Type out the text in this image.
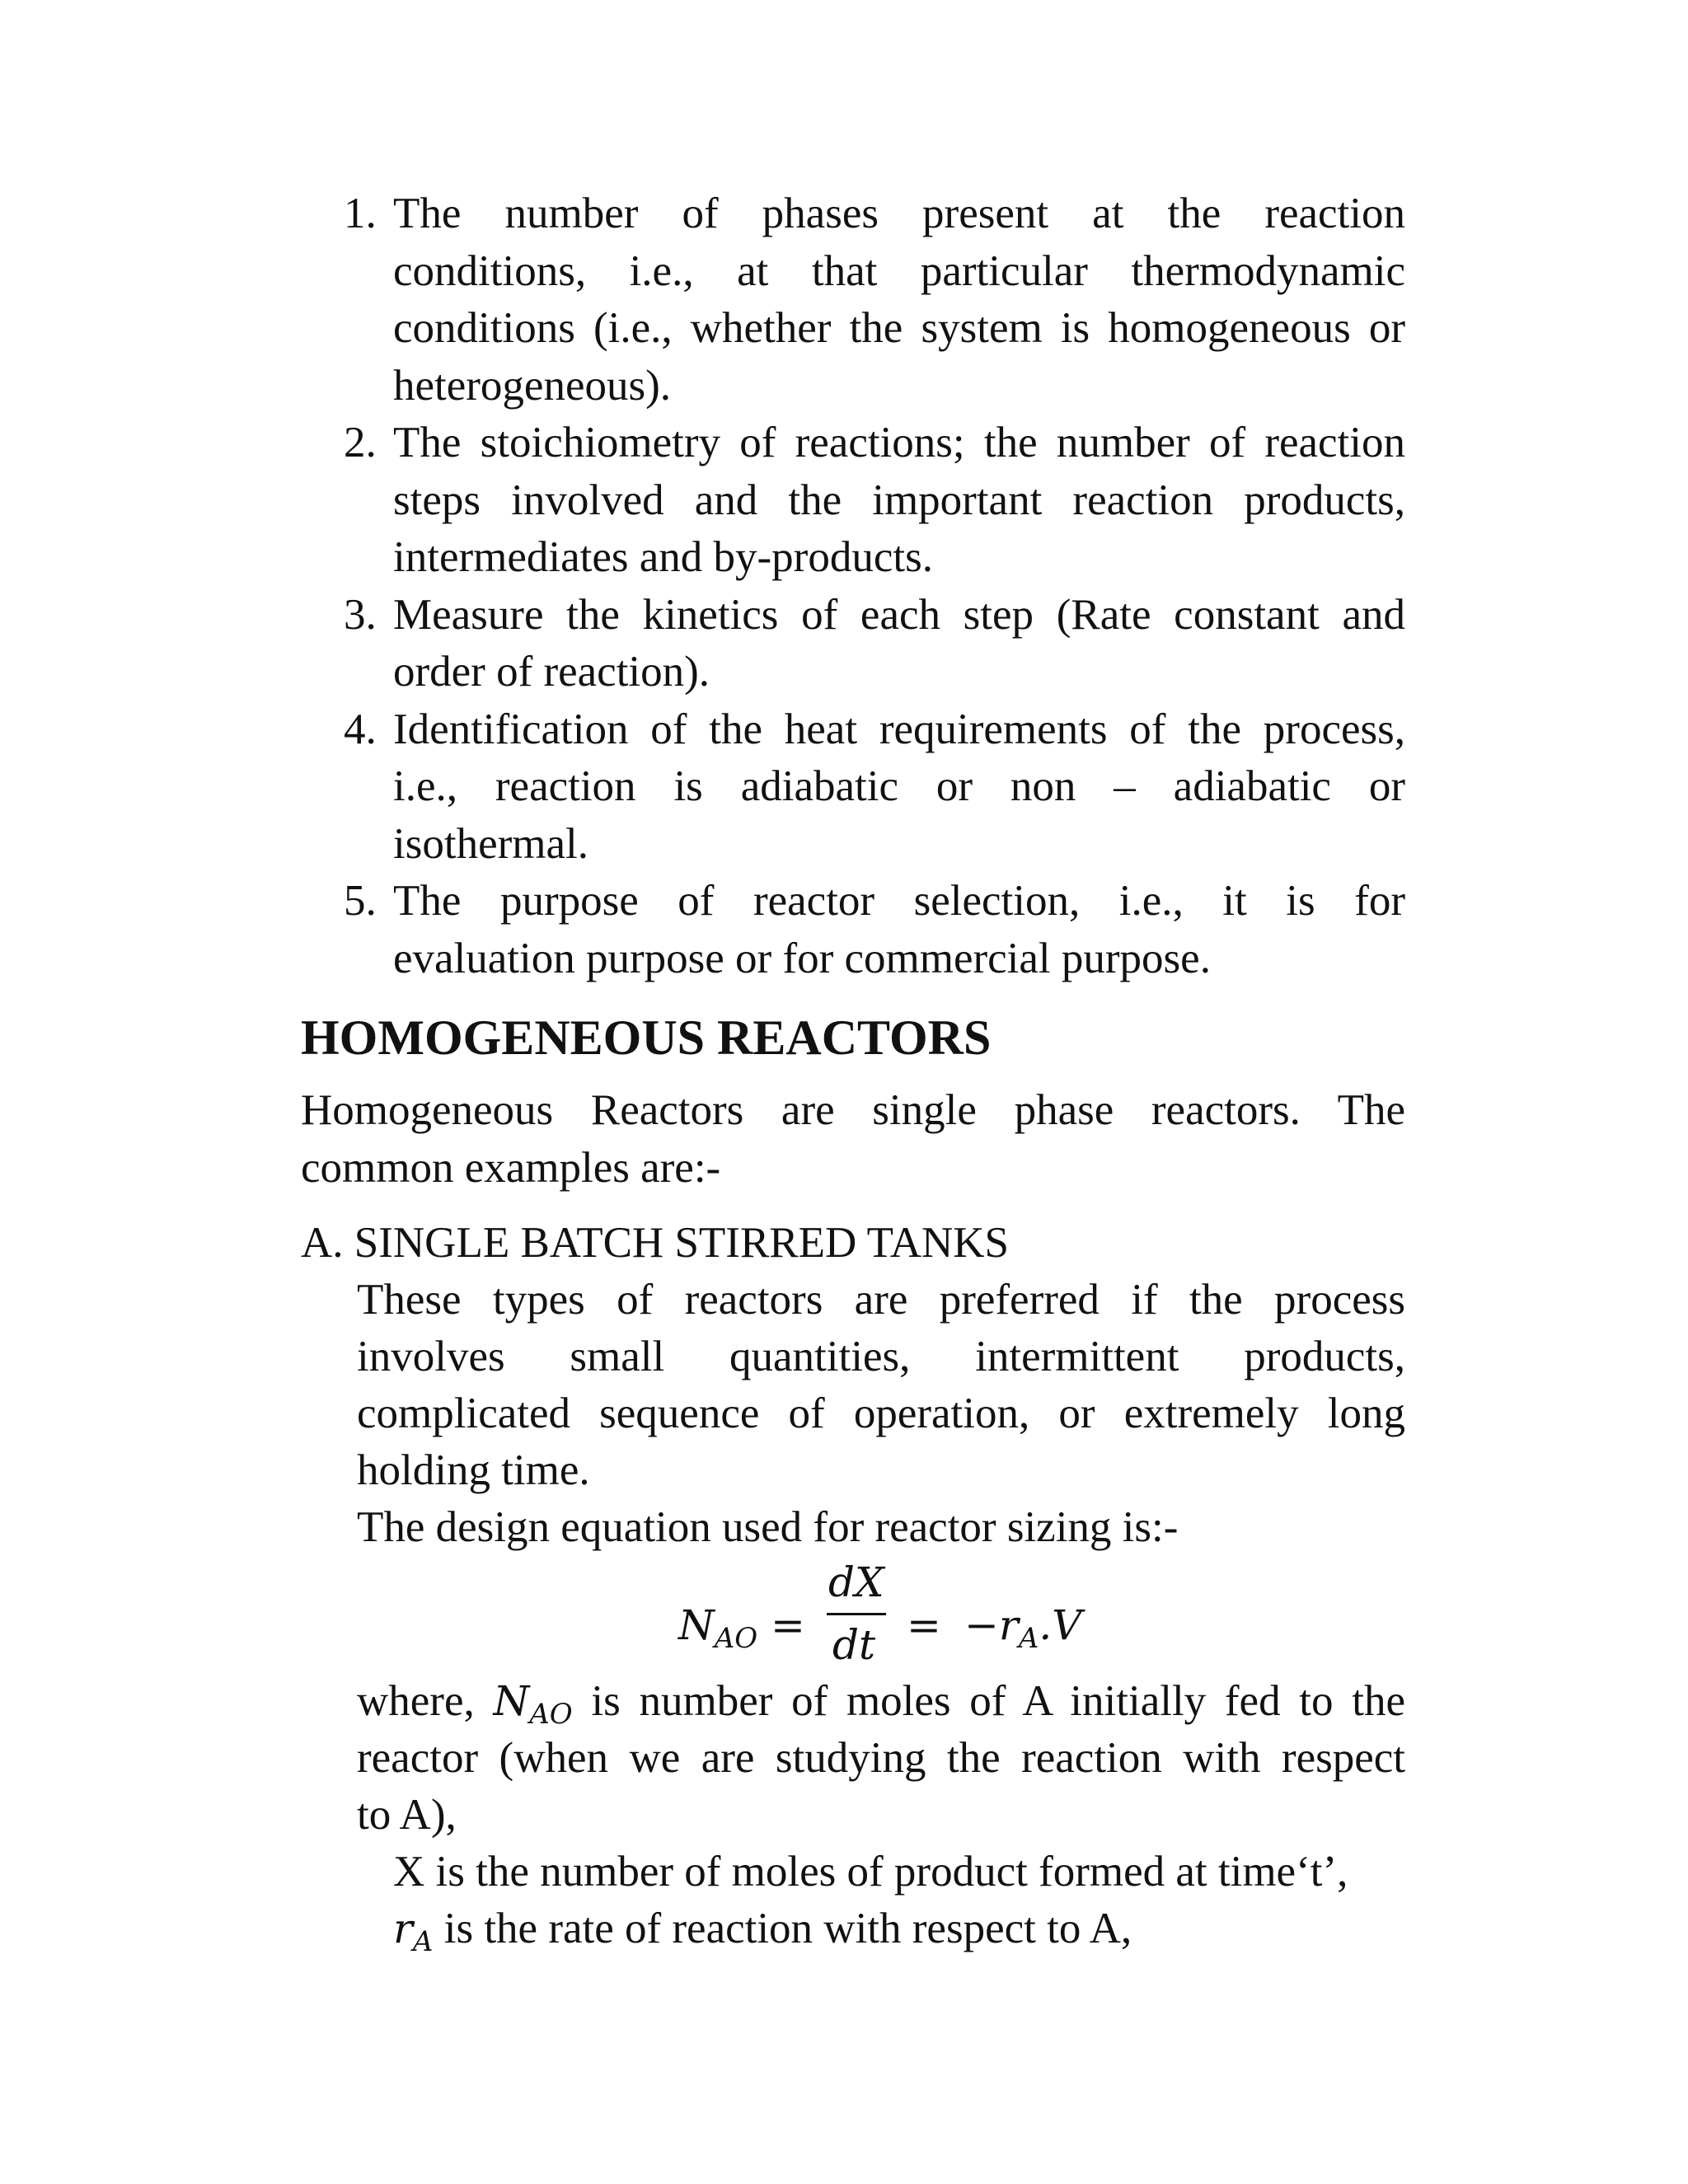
1. The number of phases present at the reaction
conditions, i.e., at that particular thermodynamic
conditions (i.e., whether the system is homogeneous or
heterogeneous).
2. The stoichiometry of reactions; the number of reaction
steps involved and the important reaction products,
intermediates and by-products.
3. Measure the kinetics of each step (Rate constant and
order of reaction).
4. Identification of the heat requirements of the process,
i.e., reaction is adiabatic or non – adiabatic or
isothermal.
5. The purpose of reactor selection, i.e., it is for
evaluation purpose or for commercial purpose.
HOMOGENEOUS REACTORS
Homogeneous Reactors are single phase reactors. The
common examples are:-
A. SINGLE BATCH STIRRED TANKS
These types of reactors are preferred if the process
involves small quantities, intermittent products,
complicated sequence of operation, or extremely long
holding time.
The design equation used for reactor sizing is:-
$N_{AO}$ =
dX
dt = $-r_A.V$
where, $N_{AO}$ is number of moles of A initially fed to the
reactor (when we are studying the reaction with respect
to A),
X is the number of moles of product formed at time‘t’,
$r_A$ is the rate of reaction with respect to A,
